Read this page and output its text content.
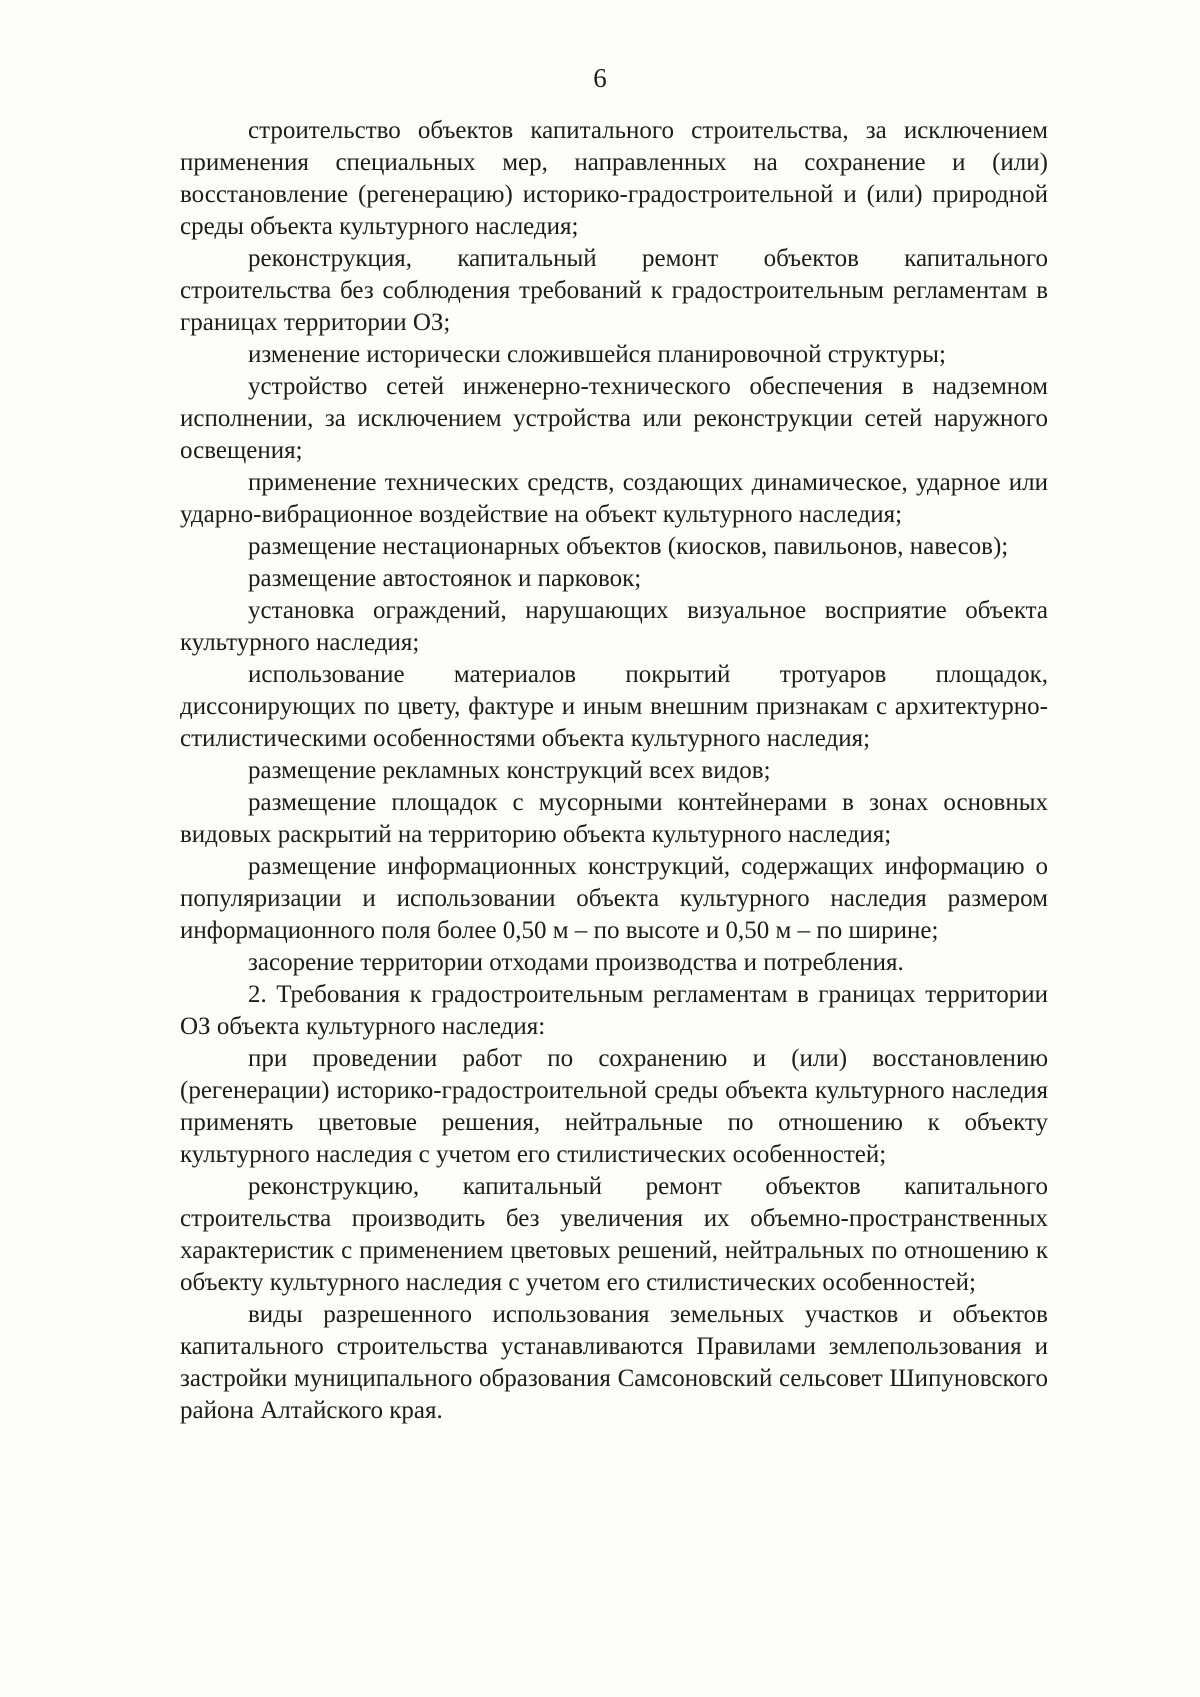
6

строительство объектов капитального строительства, за исключением применения специальных мер, направленных на сохранение и (или) восстановление (регенерацию) историко-градостроительной и (или) природной среды объекта культурного наследия;

реконструкция, капитальный ремонт объектов капитального строительства без соблюдения требований к градостроительным регламентам в границах территории ОЗ;

изменение исторически сложившейся планировочной структуры;

устройство сетей инженерно-технического обеспечения в надземном исполнении, за исключением устройства или реконструкции сетей наружного освещения;

применение технических средств, создающих динамическое, ударное или ударно-вибрационное воздействие на объект культурного наследия;

размещение нестационарных объектов (киосков, павильонов, навесов);

размещение автостоянок и парковок;

установка ограждений, нарушающих визуальное восприятие объекта культурного наследия;

использование материалов покрытий тротуаров площадок, диссонирующих по цвету, фактуре и иным внешним признакам с архитектурно-стилистическими особенностями объекта культурного наследия;

размещение рекламных конструкций всех видов;

размещение площадок с мусорными контейнерами в зонах основных видовых раскрытий на территорию объекта культурного наследия;

размещение информационных конструкций, содержащих информацию о популяризации и использовании объекта культурного наследия размером информационного поля более 0,50 м – по высоте и 0,50 м – по ширине;

засорение территории отходами производства и потребления.

2. Требования к градостроительным регламентам в границах территории ОЗ объекта культурного наследия:

при проведении работ по сохранению и (или) восстановлению (регенерации) историко-градостроительной среды объекта культурного наследия применять цветовые решения, нейтральные по отношению к объекту культурного наследия с учетом его стилистических особенностей;

реконструкцию, капитальный ремонт объектов капитального строительства производить без увеличения их объемно-пространственных характеристик с применением цветовых решений, нейтральных по отношению к объекту культурного наследия с учетом его стилистических особенностей;

виды разрешенного использования земельных участков и объектов капитального строительства устанавливаются Правилами землепользования и застройки муниципального образования Самсоновский сельсовет Шипуновского района Алтайского края.
